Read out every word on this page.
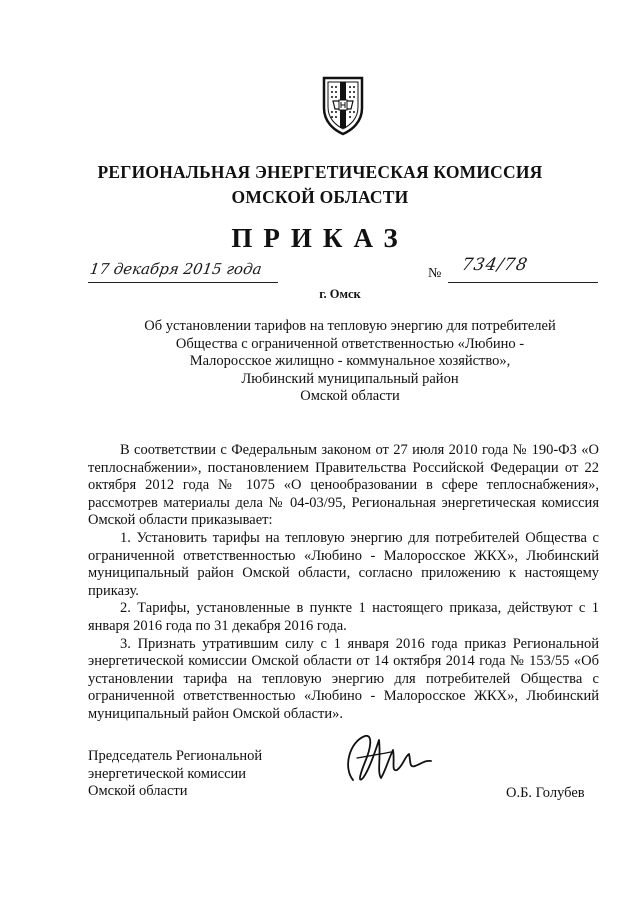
РЕГИОНАЛЬНАЯ ЭНЕРГЕТИЧЕСКАЯ КОМИССИЯ
ОМСКОЙ ОБЛАСТИ
ПРИКАЗ
17 декабря 2015 года	№ 734/78
г. Омск
Об установлении тарифов на тепловую энергию для потребителей
Общества с ограниченной ответственностью «Любино -
Малоросское жилищно - коммунальное хозяйство»,
Любинский муниципальный район
Омской области

В соответствии с Федеральным законом от 27 июля 2010 года № 190-ФЗ «О теплоснабжении», постановлением Правительства Российской Федерации от 22 октября 2012 года № 1075 «О ценообразовании в сфере теплоснабжения», рассмотрев материалы дела № 04-03/95, Региональная энергетическая комиссия Омской области приказывает:

1. Установить тарифы на тепловую энергию для потребителей Общества с ограниченной ответственностью «Любино - Малоросское ЖКХ», Любинский муниципальный район Омской области, согласно приложению к настоящему приказу.

2. Тарифы, установленные в пункте 1 настоящего приказа, действуют с 1 января 2016 года по 31 декабря 2016 года.

3. Признать утратившим силу с 1 января 2016 года приказ Региональной энергетической комиссии Омской области от 14 октября 2014 года № 153/55 «Об установлении тарифа на тепловую энергию для потребителей Общества с ограниченной ответственностью «Любино - Малоросское ЖКХ», Любинский муниципальный район Омской области».

Председатель Региональной
энергетической комиссии
Омской области	О.Б. Голубев
